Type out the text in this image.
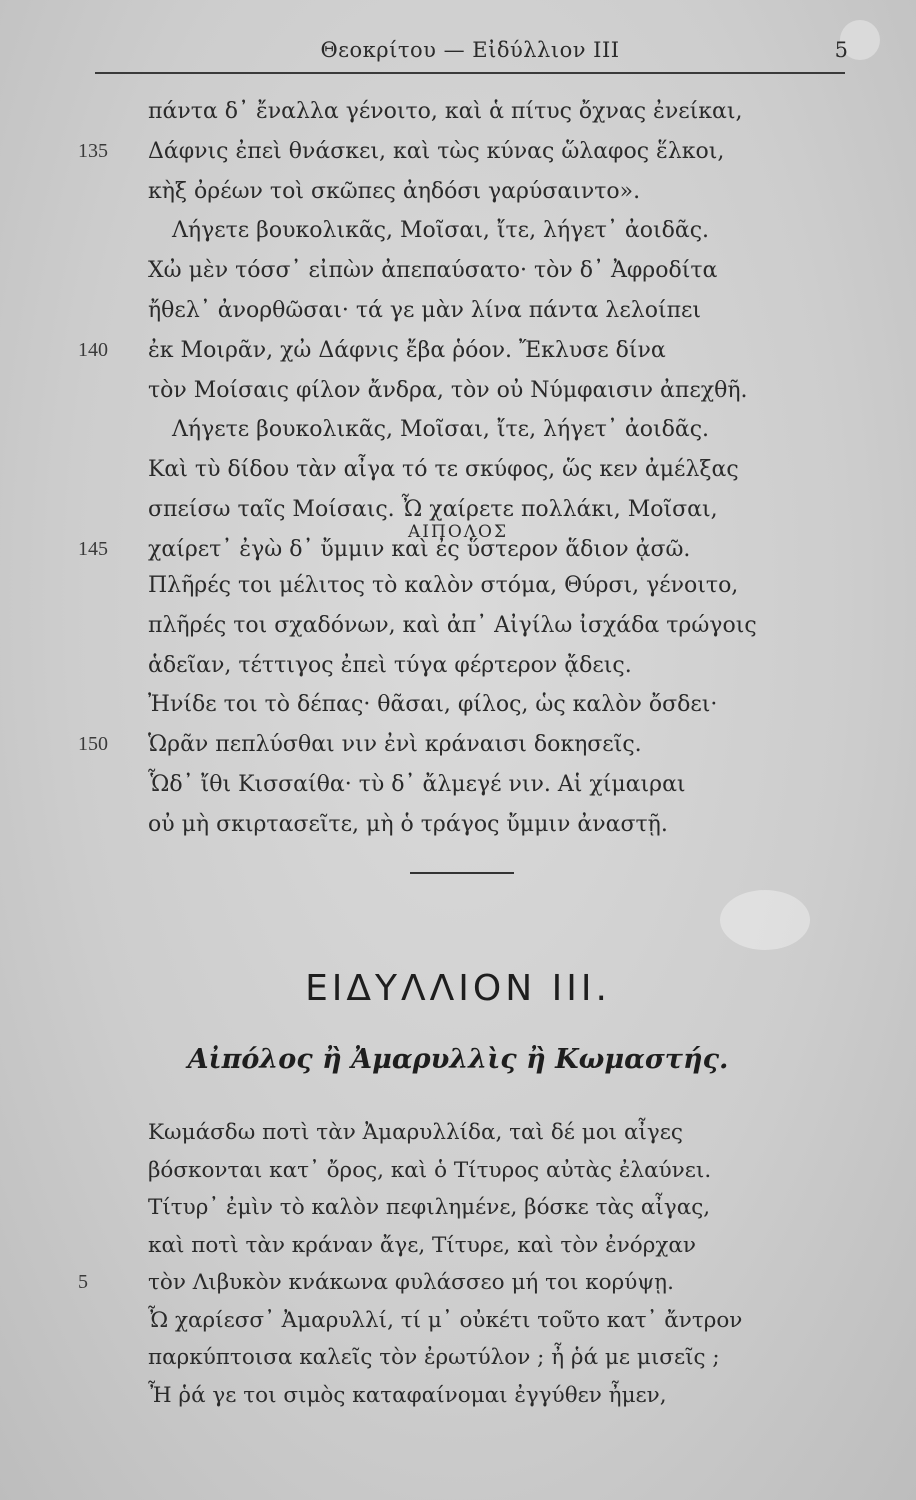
Θεοκρίτου — Εἰδύλλιον ΙΙΙ	5
πάντα δ᾽ ἔναλλα γένοιτο, καὶ ἁ πίτυς ὄχνας ἐνείκαι,
135 Δάφνις ἐπεὶ θνάσκει, καὶ τὼς κύνας ὥλαφος ἕλκοι,
κὴξ ὀρέων τοὶ σκῶπες ἀηδόσι γαρύσαιντο».
Λήγετε βουκολικᾶς, Μοῖσαι, ἴτε, λήγετ᾽ ἀοιδᾶς.
Χὠ μὲν τόσσ᾽ εἰπὼν ἀπεπαύσατο· τὸν δ᾽ Ἀφροδίτα
ἤθελ᾽ ἀνορθῶσαι· τά γε μὰν λίνα πάντα λελοίπει
140 ἐκ Μοιρᾶν, χὠ Δάφνις ἔβα ῥόον. Ἔκλυσε δίνα
τὸν Μοίσαις φίλον ἄνδρα, τὸν οὐ Νύμφαισιν ἀπεχθῆ.
Λήγετε βουκολικᾶς, Μοῖσαι, ἴτε, λήγετ᾽ ἀοιδᾶς.
Καὶ τὺ δίδου τὰν αἶγα τό τε σκύφος, ὥς κεν ἀμέλξας
σπείσω ταῖς Μοίσαις. Ὦ χαίρετε πολλάκι, Μοῖσαι,
145 χαίρετ᾽ ἐγὼ δ᾽ ὔμμιν καὶ ἐς ὕστερον ἅδιον ᾀσῶ.
ΑΙΠΟΛΟΣ
Πλῆρές τοι μέλιτος τὸ καλὸν στόμα, Θύρσι, γένοιτο,
πλῆρές τοι σχαδόνων, καὶ ἀπ᾽ Αἰγίλω ἰσχάδα τρώγοις
ἁδεῖαν, τέττιγος ἐπεὶ τύγα φέρτερον ᾄδεις.
Ἠνίδε τοι τὸ δέπας· θᾶσαι, φίλος, ὡς καλὸν ὄσδει·
150 Ὡρᾶν πεπλύσθαι νιν ἐνὶ κράναισι δοκησεῖς.
Ὧδ᾽ ἴθι Κισσαίθα· τὺ δ᾽ ἄλμεγέ νιν. Αἱ χίμαιραι
οὐ μὴ σκιρτασεῖτε, μὴ ὁ τράγος ὔμμιν ἀναστῇ.
ΕΙΔΥΛΛΙΟΝ ΙΙΙ.
Αἰπόλος ἢ Ἀμαρυλλὶς ἢ Κωμαστής.
Κωμάσδω ποτὶ τὰν Ἀμαρυλλίδα, ταὶ δέ μοι αἶγες
βόσκονται κατ᾽ ὄρος, καὶ ὁ Τίτυρος αὐτὰς ἐλαύνει.
Τίτυρ᾽ ἐμὶν τὸ καλὸν πεφιλημένε, βόσκε τὰς αἶγας,
καὶ ποτὶ τὰν κράναν ἄγε, Τίτυρε, καὶ τὸν ἐνόρχαν
5	τὸν Λιβυκὸν κνάκωνα φυλάσσεο μή τοι κορύψῃ.
Ὦ χαρίεσσ᾽ Ἀμαρυλλί, τί μ᾽ οὐκέτι τοῦτο κατ᾽ ἄντρον
παρκύπτοισα καλεῖς τὸν ἐρωτύλον ; ἦ ῥά με μισεῖς ;
Ἦ ῥά γε τοι σιμὸς καταφαίνομαι ἐγγύθεν ἦμεν,
